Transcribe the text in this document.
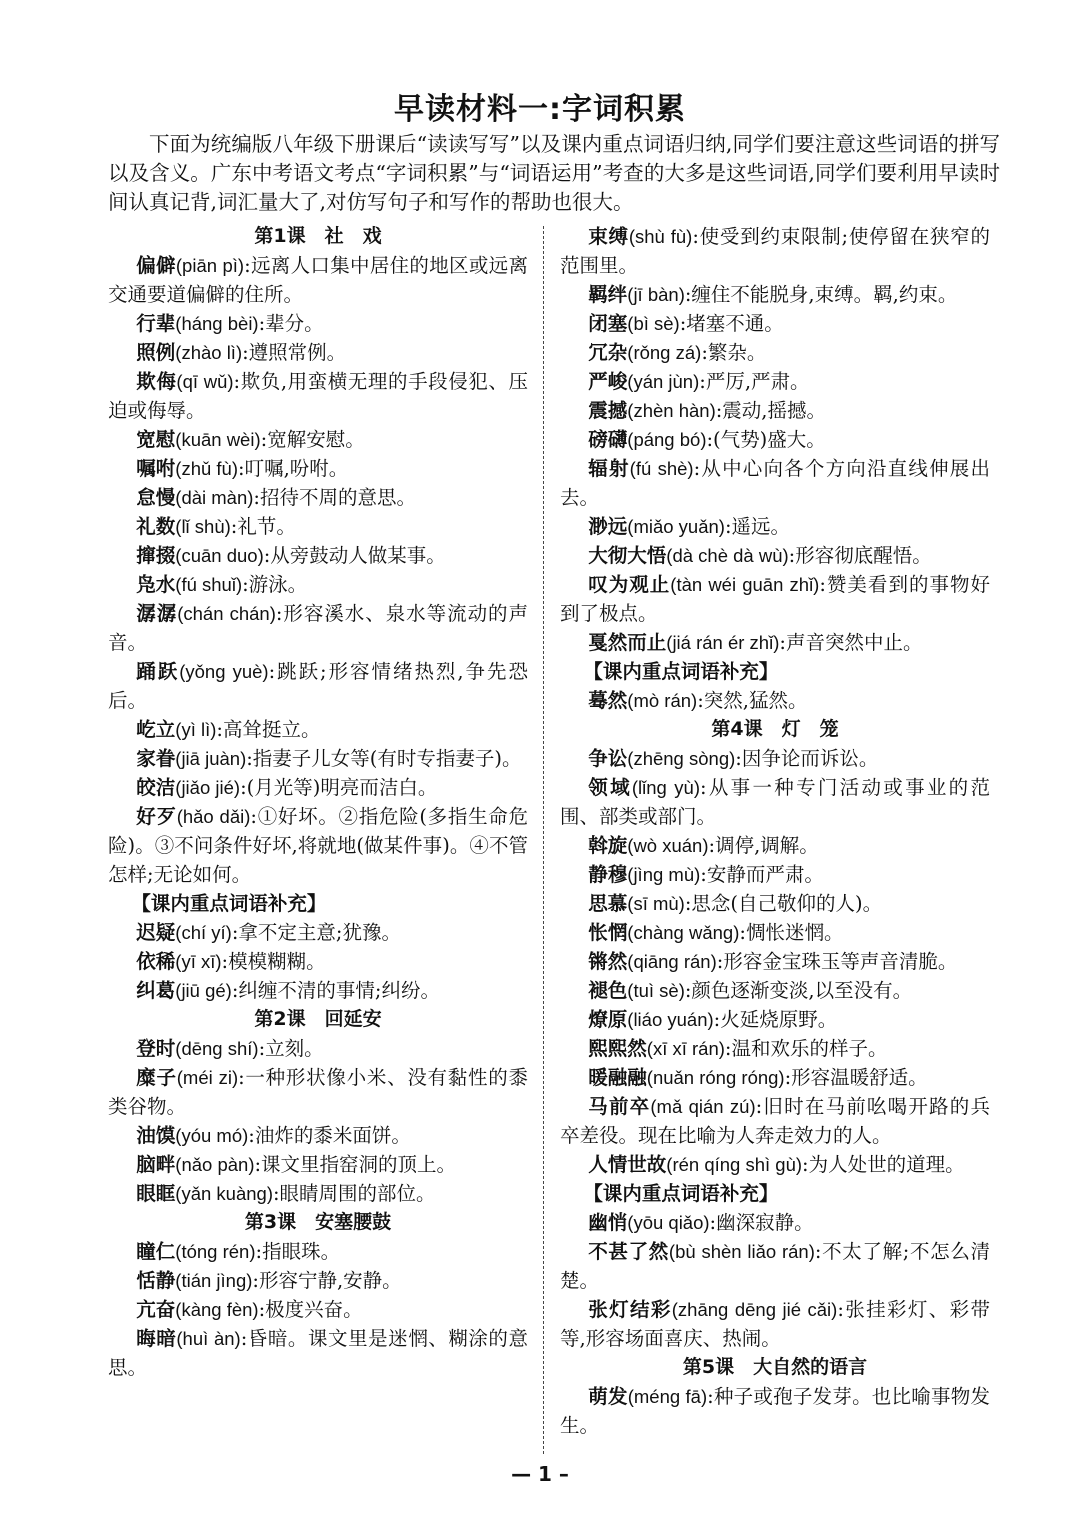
早读材料一:字词积累
下面为统编版八年级下册课后“读读写写”以及课内重点词语归纳,同学们要注意这些词语的拼写以及含义。广东中考语文考点“字词积累”与“词语运用”考查的大多是这些词语,同学们要利用早读时间认真记背,词汇量大了,对仿写句子和写作的帮助也很大。

第1课　社　戏

偏僻(piān pì):远离人口集中居住的地区或远离交通要道偏僻的住所。

行辈(háng bèi):辈分。

照例(zhào lì):遵照常例。

欺侮(qī wǔ):欺负,用蛮横无理的手段侵犯、压迫或侮辱。

宽慰(kuān wèi):宽解安慰。

嘱咐(zhǔ fù):叮嘱,吩咐。

怠慢(dài màn):招待不周的意思。

礼数(lǐ shù):礼节。

撺掇(cuān duo):从旁鼓动人做某事。

凫水(fú shuǐ):游泳。

潺潺(chán chán):形容溪水、泉水等流动的声音。

踊跃(yǒng yuè):跳跃;形容情绪热烈,争先恐后。

屹立(yì lì):高耸挺立。

家眷(jiā juàn):指妻子儿女等(有时专指妻子)。

皎洁(jiǎo jié):(月光等)明亮而洁白。

好歹(hǎo dǎi):①好坏。②指危险(多指生命危险)。③不问条件好坏,将就地(做某件事)。④不管怎样;无论如何。

【课内重点词语补充】

迟疑(chí yí):拿不定主意;犹豫。

依稀(yī xī):模模糊糊。

纠葛(jiū gé):纠缠不清的事情;纠纷。

第2课　回延安

登时(dēng shí):立刻。

糜子(méi zi):一种形状像小米、没有黏性的黍类谷物。

油馍(yóu mó):油炸的黍米面饼。

脑畔(nǎo pàn):课文里指窑洞的顶上。

眼眶(yǎn kuàng):眼睛周围的部位。

第3课　安塞腰鼓

瞳仁(tóng rén):指眼珠。

恬静(tián jìng):形容宁静,安静。

亢奋(kàng fèn):极度兴奋。

晦暗(huì àn):昏暗。课文里是迷惘、糊涂的意思。

束缚(shù fù):使受到约束限制;使停留在狭窄的范围里。

羁绊(jī bàn):缠住不能脱身,束缚。羁,约束。

闭塞(bì sè):堵塞不通。

冗杂(rǒng zá):繁杂。

严峻(yán jùn):严厉,严肃。

震撼(zhèn hàn):震动,摇撼。

磅礴(páng bó):(气势)盛大。

辐射(fú shè):从中心向各个方向沿直线伸展出去。

渺远(miǎo yuǎn):遥远。

大彻大悟(dà chè dà wù):形容彻底醒悟。

叹为观止(tàn wéi guān zhǐ):赞美看到的事物好到了极点。

戛然而止(jiá rán ér zhǐ):声音突然中止。

【课内重点词语补充】

蓦然(mò rán):突然,猛然。

第4课　灯　笼

争讼(zhēng sòng):因争论而诉讼。

领域(lǐng yù):从事一种专门活动或事业的范围、部类或部门。

斡旋(wò xuán):调停,调解。

静穆(jìng mù):安静而严肃。

思慕(sī mù):思念(自己敬仰的人)。

怅惘(chàng wǎng):惆怅迷惘。

锵然(qiāng rán):形容金宝珠玉等声音清脆。

褪色(tuì sè):颜色逐渐变淡,以至没有。

燎原(liáo yuán):火延烧原野。

熙熙然(xī xī rán):温和欢乐的样子。

暖融融(nuǎn róng róng):形容温暖舒适。

马前卒(mǎ qián zú):旧时在马前吆喝开路的兵卒差役。现在比喻为人奔走效力的人。

人情世故(rén qíng shì gù):为人处世的道理。

【课内重点词语补充】

幽悄(yōu qiǎo):幽深寂静。

不甚了然(bù shèn liǎo rán):不太了解;不怎么清楚。

张灯结彩(zhāng dēng jié cǎi):张挂彩灯、彩带等,形容场面喜庆、热闹。

第5课　大自然的语言

萌发(méng fā):种子或孢子发芽。也比喻事物发生。

— 1 –
